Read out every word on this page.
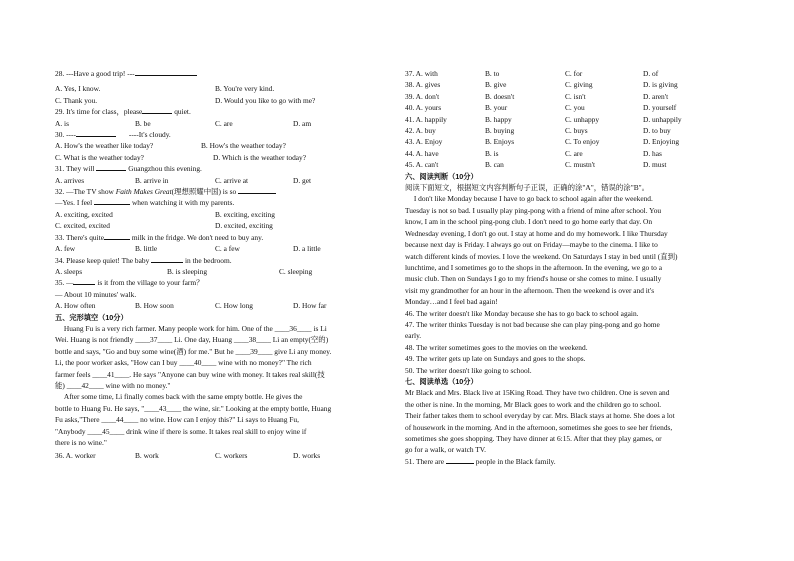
28. ---Have a good trip! ---
A. Yes, I know.	B. You're very kind.
C. Thank you.	D. Would you like to go with me?
29. It's time for class，please	quiet.
A. is	B. be	C. are	D. am
30. ----	----It's cloudy.
A. How's the weather like today?	B. How's the weather today?
C. What is the weather today?	D. Which is the weather today?
31. They will	Guangzhou this evening.
A. arrives	B. arrive in	C. arrive at	D. get
32. —The TV show Faith Makes Great(理想照耀中国) is so
—Yes. I feel	when watching it with my parents.
A. exciting, excited	B. exciting, exciting
C. excited, excited	D. excited, exciting
33. There's quite	milk in the fridge. We don't need to buy any.
A. few	B. little	C. a few	D. a little
34. Please keep quiet! The baby	in the bedroom.
A. sleeps	B. is sleeping	C. sleeping
35. —	is it from the village to your farm？
— About 10 minutes' walk.
A. How often	B. How soon	C. How long	D. How far
五、完形填空（10分）
Huang Fu is a very rich farmer. Many people work for him. One of the ____36____ is Li
Wei. Huang is not friendly ____37____ Li. One day, Huang ____38____ Li an empty(空的)
bottle and says, "Go and buy some wine(酒) for me." But he ____39____ give Li any money.
Li, the poor worker asks, "How can I buy ____40____ wine with no money?" The rich
farmer feels ____41____. He says "Anyone can buy wine with money. It takes real skill(技
能) ____42____ wine with no money."
After some time, Li finally comes back with the same empty bottle. He gives the
bottle to Huang Fu. He says, "____43____ the wine, sir." Looking at the empty bottle, Huang
Fu asks,"There ____44____ no wine. How can I enjoy this?" Li says to Huang Fu,
"Anybody ____45____ drink wine if there is some. It takes real skill to enjoy wine if
there is no wine."
36. A. worker	B. work	C. workers	D. works
37. A. with	B. to	C. for	D. of
38. A. gives	B. give	C. giving	D. is giving
39. A. don't	B. doesn't	C. isn't	D. aren't
40. A. yours	B. your	C. you	D. yourself
41. A. happily	B. happy	C. unhappy	D. unhappily
42. A. buy	B. buying	C. buys	D. to buy
43. A. Enjoy	B. Enjoys	C. To enjoy	D. Enjoying
44. A. have	B. is	C. are	D. has
45. A. can't	B. can	C. mustn't	D. must
六、阅读判断（10分）
阅读下面短文，根据短文内容判断句子正误，正确的涂"A"，错误的涂"B"。
I don't like Monday because I have to go back to school again after the weekend.
Tuesday is not so bad. I usually play ping-pong with a friend of mine after school. You
know, I am in the school ping-pong club. I don't need to go home early that day. On
Wednesday evening, I don't go out. I stay at home and do my homework. I like Thursday
because next day is Friday. I always go out on Friday—maybe to the cinema. I like to
watch different kinds of movies. I love the weekend. On Saturdays I stay in bed until (直到)
lunchtime, and I sometimes go to the shops in the afternoon. In the evening, we go to a
music club. Then on Sundays I go to my friend's house or she comes to mine. I usually
visit my grandmother for an hour in the afternoon. Then the weekend is over and it's
Monday…and I feel bad again!
46. The writer doesn't like Monday because she has to go back to school again.
47. The writer thinks Tuesday is not bad because she can play ping-pong and go home
early.
48. The writer sometimes goes to the movies on the weekend.
49. The writer gets up late on Sundays and goes to the shops.
50. The writer doesn't like going to school.
七、阅读单选（10分）
Mr Black and Mrs. Black live at 15King Road. They have two children. One is seven and
the other is nine. In the morning, Mr Black goes to work and the children go to school.
Their father takes them to school everyday by car. Mrs. Black stays at home. She does a lot
of housework in the morning. And in the afternoon, sometimes she goes to see her friends,
sometimes she goes shopping. They have dinner at 6:15. After that they play games, or
go for a walk, or watch TV.
51. There are	people in the Black family.
